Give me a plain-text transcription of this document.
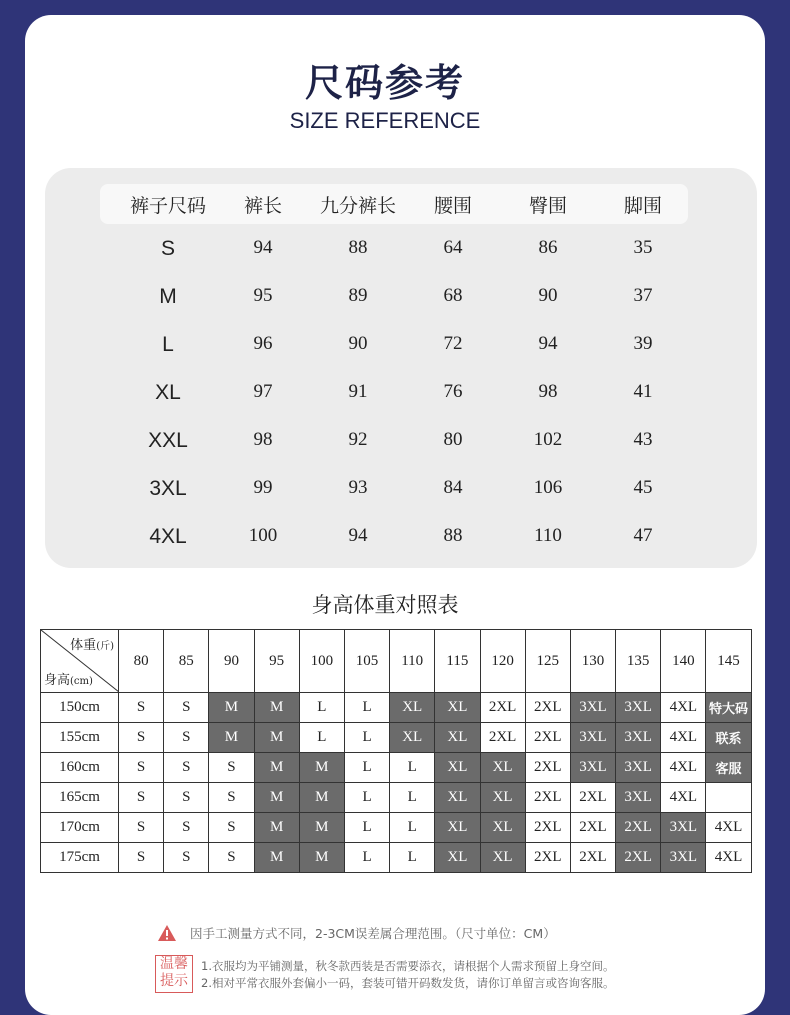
尺码参考
SIZE REFERENCE
裤子尺码	裤长	九分裤长	腰围	臀围	脚围
S	94	88	64	86	35
M	95	89	68	90	37
L	96	90	72	94	39
XL	97	91	76	98	41
XXL	98	92	80	102	43
3XL	99	93	84	106	45
4XL	100	94	88	110	47
身高体重对照表
体重(斤)
身高(cm)	80	85	90	95	100	105	110	115	120	125	130	135	140	145
150cm	S	S	M	M	L	L	XL	XL	2XL	2XL	3XL	3XL	4XL	特大码
155cm	S	S	M	M	L	L	XL	XL	2XL	2XL	3XL	3XL	4XL	联系
160cm	S	S	S	M	M	L	L	XL	XL	2XL	3XL	3XL	4XL	客服
165cm	S	S	S	M	M	L	L	XL	XL	2XL	2XL	3XL	4XL	
170cm	S	S	S	M	M	L	L	XL	XL	2XL	2XL	2XL	3XL	4XL
175cm	S	S	S	M	M	L	L	XL	XL	2XL	2XL	2XL	3XL	4XL
因手工测量方式不同，2-3CM误差属合理范围。（尺寸单位：CM）
温馨提示
1.衣服均为平铺测量，秋冬款西装是否需要添衣，请根据个人需求预留上身空间。
2.相对平常衣服外套偏小一码，套装可错开码数发货，请你订单留言或咨询客服。
